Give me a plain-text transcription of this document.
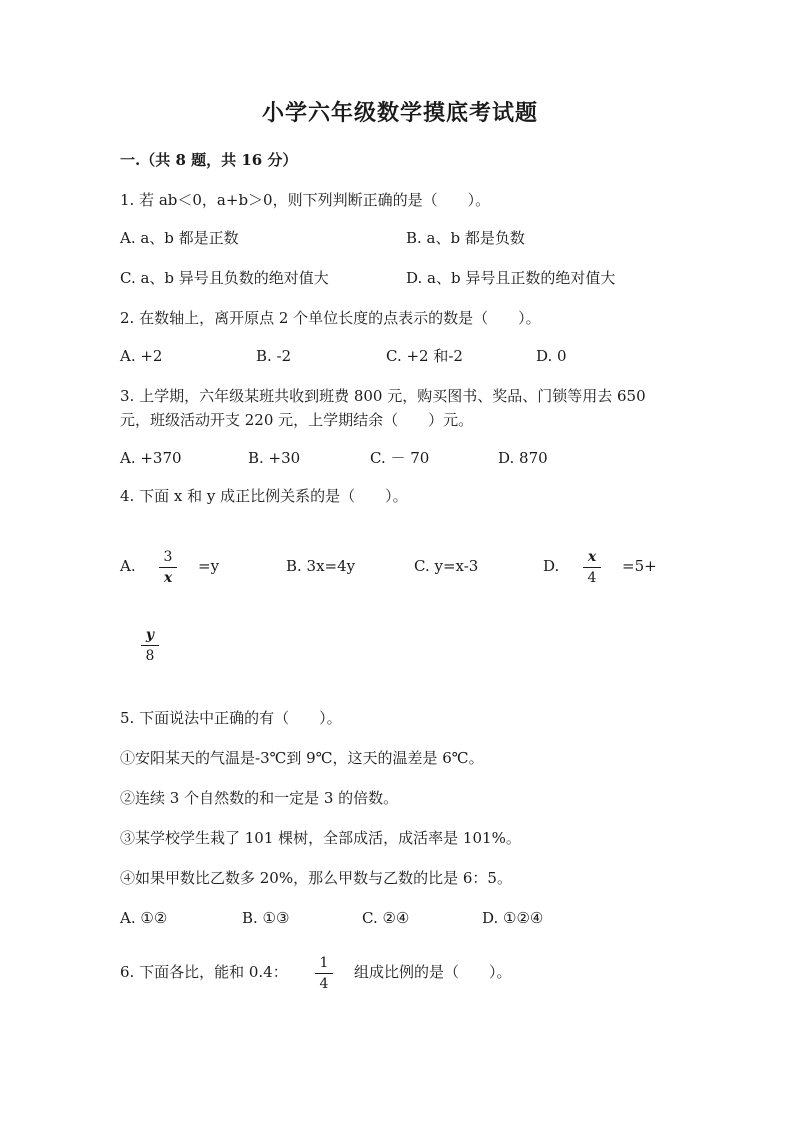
小学六年级数学摸底考试题
一.（共 8 题，共 16 分）
1. 若 ab＜0，a+b＞0，则下列判断正确的是（　　）。
A. a、b 都是正数	B. a、b 都是负数
C. a、b 异号且负数的绝对值大	D. a、b 异号且正数的绝对值大
2. 在数轴上，离开原点 2 个单位长度的点表示的数是（　　）。
A. +2	B. -2	C. +2 和-2	D. 0
3. 上学期，六年级某班共收到班费 800 元，购买图书、奖品、门锁等用去 650
元，班级活动开支 220 元，上学期结余（　　）元。
A. +370	B. +30	C. － 70	D. 870
4. 下面 x 和 y 成正比例关系的是（　　）。
A.	3
x
=y	B. 3x=4y	C. y=x-3	D.	x
4
=5+
y
8
5. 下面说法中正确的有（　　）。
①安阳某天的气温是-3℃到 9℃，这天的温差是 6℃。
②连续 3 个自然数的和一定是 3 的倍数。
③某学校学生栽了 101 棵树，全部成活，成活率是 101%。
④如果甲数比乙数多 20%，那么甲数与乙数的比是 6：5。
A. ①②	B. ①③	C. ②④	D. ①②④
6. 下面各比，能和 0.4：	1
4
组成比例的是（　　）。
